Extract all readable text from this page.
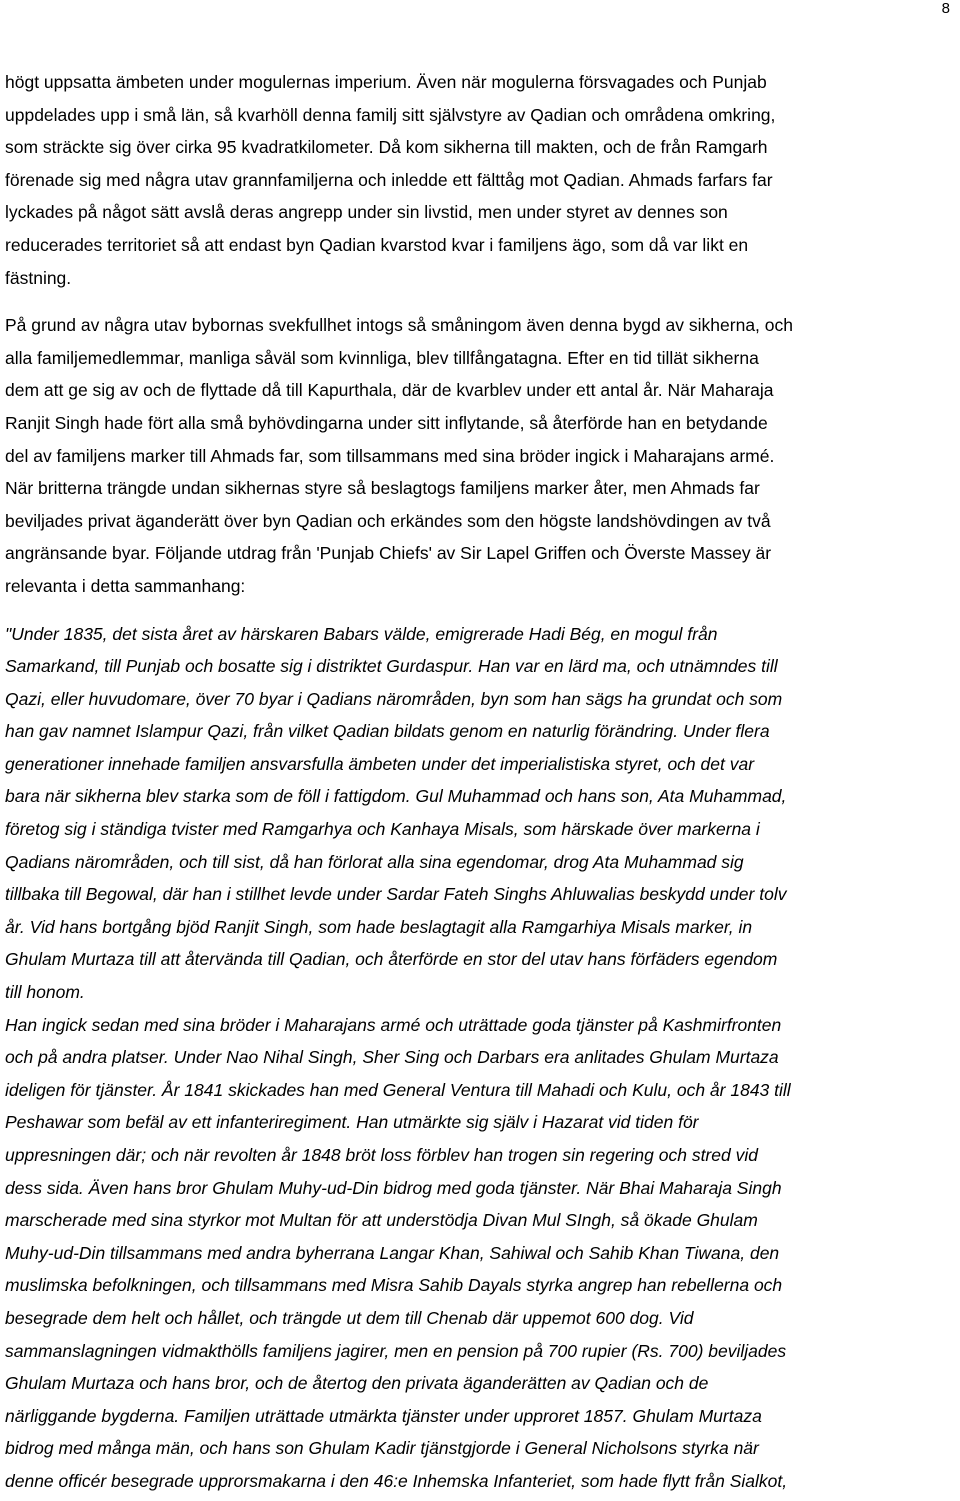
8
högt uppsatta ämbeten under mogulernas imperium. Även när mogulerna försvagades och Punjab
uppdelades upp i små län, så kvarhöll denna familj sitt självstyre av Qadian och områdena omkring,
som sträckte sig över cirka 95 kvadratkilometer. Då kom sikherna till makten, och de från Ramgarh
förenade sig med några utav grannfamiljerna och inledde ett fälttåg mot Qadian. Ahmads farfars far
lyckades på något sätt avslå deras angrepp under sin livstid, men under styret av dennes son
reducerades territoriet så att endast byn Qadian kvarstod kvar i familjens ägo, som då var likt en
fästning.
På grund av några utav bybornas svekfullhet intogs så småningom även denna bygd av sikherna, och
alla familjemedlemmar, manliga såväl som kvinnliga, blev tillfångatagna. Efter en tid tillät sikherna
dem att ge sig av och de flyttade då till Kapurthala, där de kvarblev under ett antal år. När Maharaja
Ranjit Singh hade fört alla små byhövdingarna under sitt inflytande, så återförde han en betydande
del av familjens marker till Ahmads far, som tillsammans med sina bröder ingick i Maharajans armé.
När britterna trängde undan sikhernas styre så beslagtogs familjens marker åter, men Ahmads far
beviljades privat äganderätt över byn Qadian och erkändes som den högste landshövdingen av två
angränsande byar. Följande utdrag från 'Punjab Chiefs' av Sir Lapel Griffen och Överste Massey är
relevanta i detta sammanhang:
"Under 1835, det sista året av härskaren Babars välde, emigrerade Hadi Bég, en mogul från
Samarkand, till Punjab och bosatte sig i distriktet Gurdaspur. Han var en lärd ma, och utnämndes till
Qazi, eller huvudomare, över 70 byar i Qadians närområden, byn som han sägs ha grundat och som
han gav namnet Islampur Qazi, från vilket Qadian bildats genom en naturlig förändring. Under flera
generationer innehade familjen ansvarsfulla ämbeten under det imperialistiska styret, och det var
bara när sikherna blev starka som de föll i fattigdom. Gul Muhammad och hans son, Ata Muhammad,
företog sig i ständiga tvister med Ramgarhya och Kanhaya Misals, som härskade över markerna i
Qadians närområden, och till sist, då han förlorat alla sina egendomar, drog Ata Muhammad sig
tillbaka till Begowal, där han i stillhet levde under Sardar Fateh Singhs Ahluwalias beskydd under tolv
år. Vid hans bortgång bjöd Ranjit Singh, som hade beslagtagit alla Ramgarhiya Misals marker, in
Ghulam Murtaza till att återvända till Qadian, och återförde en stor del utav hans förfäders egendom
till honom.
Han ingick sedan med sina bröder i Maharajans armé och uträttade goda tjänster på Kashmirfronten
och på andra platser. Under Nao Nihal Singh, Sher Sing och Darbars era anlitades Ghulam Murtaza
ideligen för tjänster. År 1841 skickades han med General Ventura till Mahadi och Kulu, och år 1843 till
Peshawar som befäl av ett infanteriregiment. Han utmärkte sig själv i Hazarat vid tiden för
uppresningen där; och när revolten år 1848 bröt loss förblev han trogen sin regering och stred vid
dess sida. Även hans bror Ghulam Muhy-ud-Din bidrog med goda tjänster. När Bhai Maharaja Singh
marscherade med sina styrkor mot Multan för att understödja Divan Mul SIngh, så ökade Ghulam
Muhy-ud-Din tillsammans med andra byherrana Langar Khan, Sahiwal och Sahib Khan Tiwana, den
muslimska befolkningen, och tillsammans med Misra Sahib Dayals styrka angrep han rebellerna och
besegrade dem helt och hållet, och trängde ut dem till Chenab där uppemot 600 dog. Vid
sammanslagningen vidmakthölls familjens jagirer, men en pension på 700 rupier (Rs. 700) beviljades
Ghulam Murtaza och hans bror, och de återtog den privata äganderätten av Qadian och de
närliggande bygderna. Familjen uträttade utmärkta tjänster under upproret 1857. Ghulam Murtaza
bidrog med många män, och hans son Ghulam Kadir tjänstgjorde i General Nicholsons styrka när
denne officér besegrade upprorsmakarna i den 46:e Inhemska Infanteriet, som hade flytt från Sialkot,
